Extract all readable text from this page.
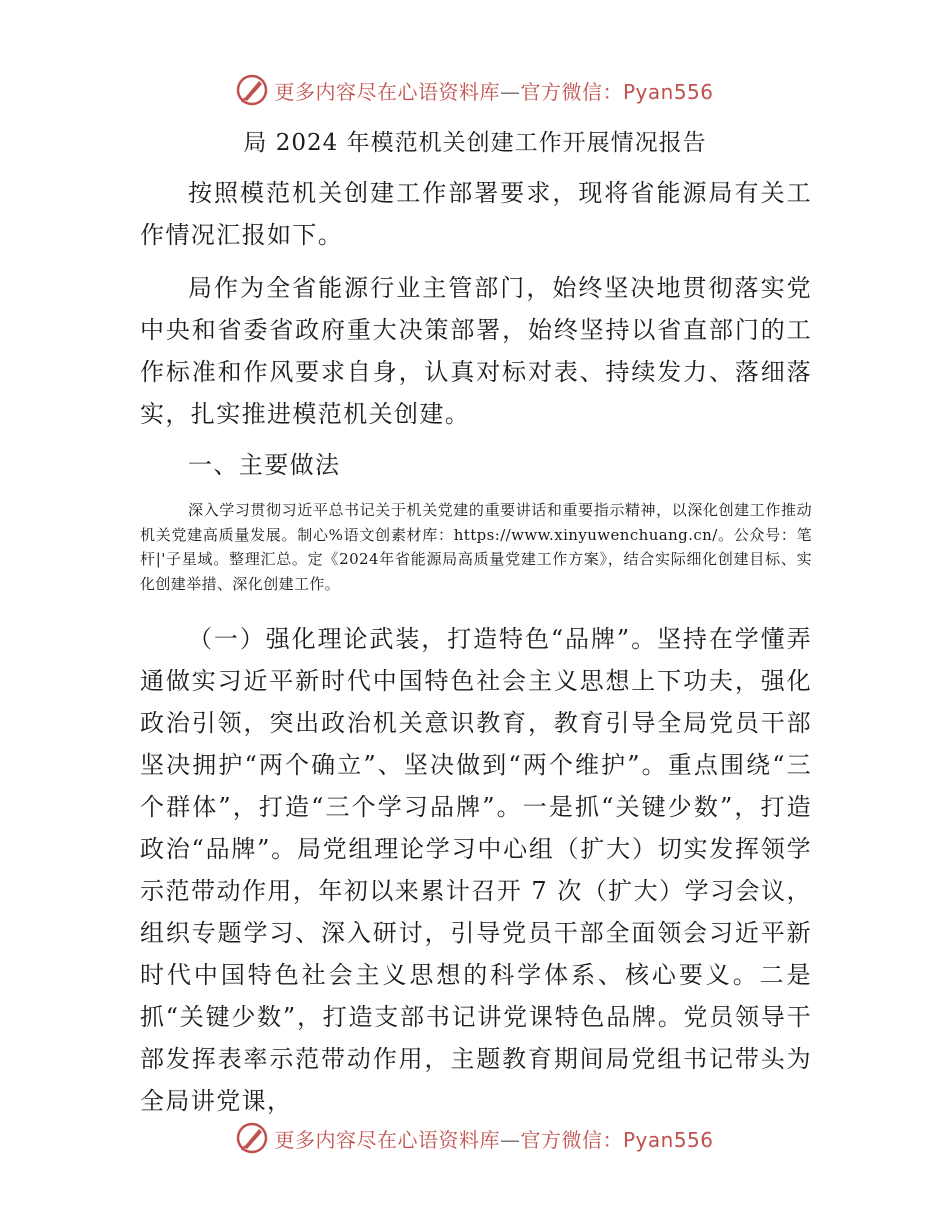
更多内容尽在心语资料库—官方微信：Pyan556
局 2024 年模范机关创建工作开展情况报告
按照模范机关创建工作部署要求，现将省能源局有关工作情况汇报如下。
局作为全省能源行业主管部门，始终坚决地贯彻落实党中央和省委省政府重大决策部署，始终坚持以省直部门的工作标准和作风要求自身，认真对标对表、持续发力、落细落实，扎实推进模范机关创建。
一、主要做法
深入学习贯彻习近平总书记关于机关党建的重要讲话和重要指示精神，以深化创建工作推动机关党建高质量发展。制心%语文创素材库：https://www.xinyuwenchuang.cn/。公众号：笔杆|'子星域。整理汇总。定《2024年省能源局高质量党建工作方案》，结合实际细化创建目标、实化创建举措、深化创建工作。
（一）强化理论武装，打造特色“品牌”。坚持在学懂弄通做实习近平新时代中国特色社会主义思想上下功夫，强化政治引领，突出政治机关意识教育，教育引导全局党员干部坚决拥护“两个确立”、坚决做到“两个维护”。重点围绕“三个群体”，打造“三个学习品牌”。一是抓“关键少数”，打造政治“品牌”。局党组理论学习中心组（扩大）切实发挥领学示范带动作用，年初以来累计召开 7 次（扩大）学习会议，组织专题学习、深入研讨，引导党员干部全面领会习近平新时代中国特色社会主义思想的科学体系、核心要义。二是抓“关键少数”，打造支部书记讲党课特色品牌。党员领导干部发挥表率示范带动作用，主题教育期间局党组书记带头为全局讲党课，
更多内容尽在心语资料库—官方微信：Pyan556
